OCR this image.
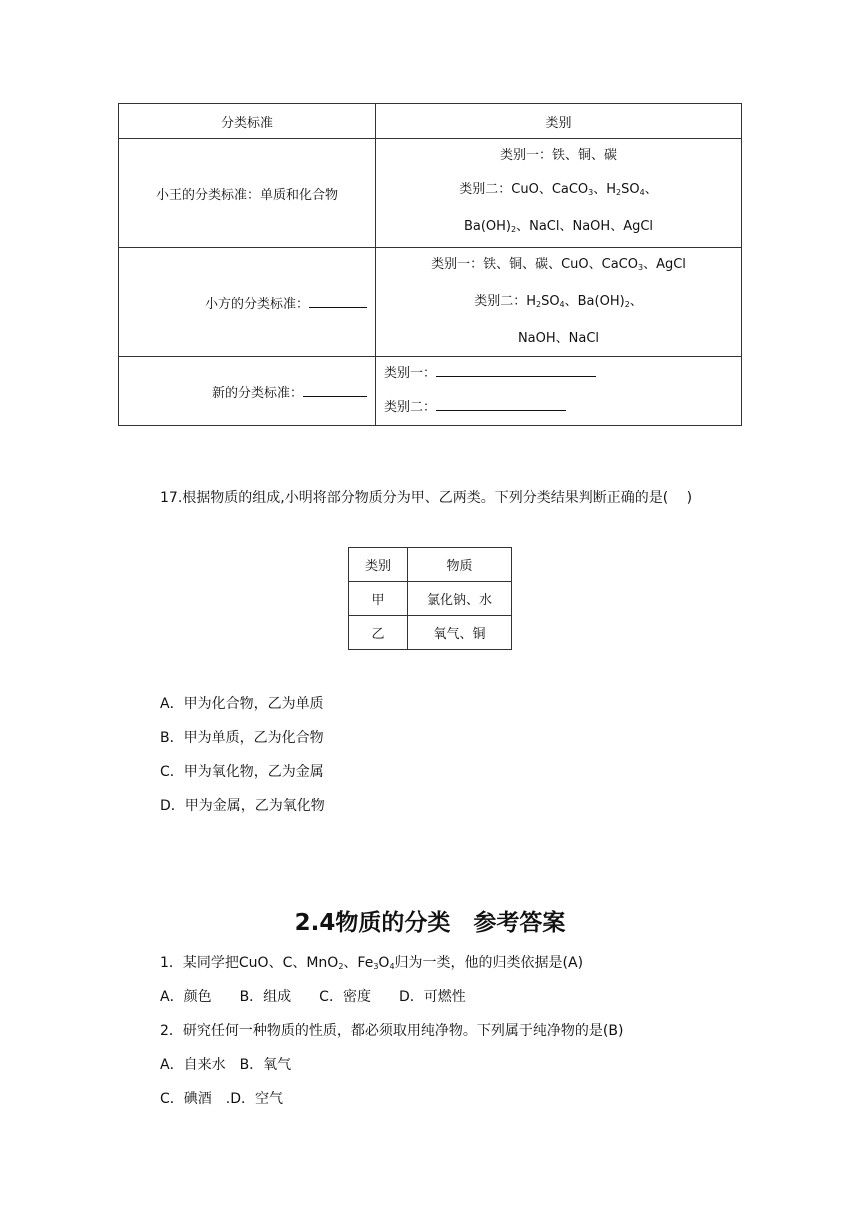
分类标准	类别
小王的分类标准：单质和化合物	类别一：铁、铜、碳
类别二：CuO、CaCO$_3$、$H_2SO_4$、
$Ba(OH)_2$、NaCl、NaOH、AgCl

小方的分类标准：	类别一：铁、铜、碳、CuO、CaCO$_3$、AgCl
类别二：$H_2SO_4$、$Ba(OH)_2$、
NaOH、NaCl

新的分类标准：	类别一：
类别二：
17.根据物质的组成,小明将部分物质分为甲、乙两类。下列分类结果判断正确的是(　 )
类别	物质
甲	氯化钠、水
乙	氧气、铜
A．甲为化合物，乙为单质
B．甲为单质，乙为化合物
C．甲为氧化物，乙为金属
D．甲为金属，乙为氧化物
2.4物质的分类　参考答案
1．某同学把CuO、C、MnO$_2$、$Fe_3O_4$归为一类，他的归类依据是(A)
A．颜色　　B．组成　　C．密度　　D．可燃性
2．研究任何一种物质的性质，都必须取用纯净物。下列属于纯净物的是(B)
A．自来水　B．氧气
C．碘酒　.D．空气
